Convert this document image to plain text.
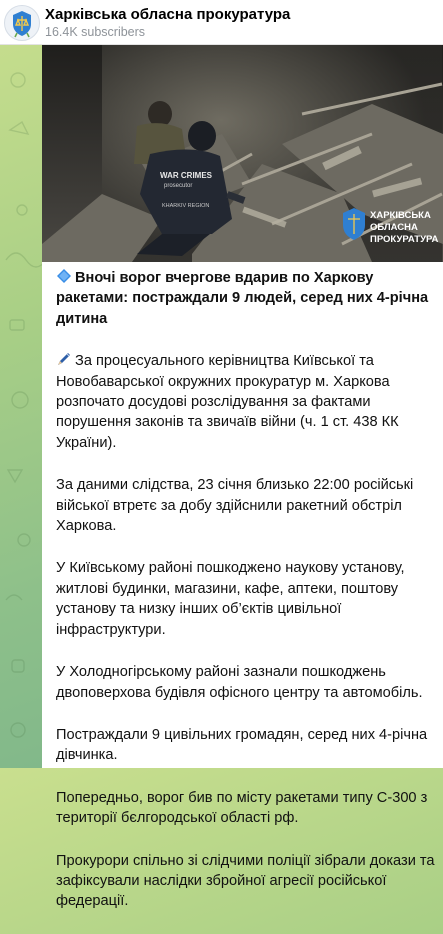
Харківська обласна прокуратура
16.4K subscribers
WAR CRIMES
prosecutor
KHARKIV REGION
ХАРКІВСЬКА
ОБЛАСНА
ПРОКУРАТУРА

Вночі ворог вчергове вдарив по Харкову ракетами: постраждали 9 людей, серед них 4-річна дитина

За процесуального керівництва Київської та Новобаварської окружних прокуратур м. Харкова розпочато досудові розслідування за фактами порушення законів та звичаїв війни (ч. 1 ст. 438 КК України).

За даними слідства, 23 січня близько 22:00 російські війської втретє за добу здійснили ракетний обстріл Харкова.

У Київському районі пошкоджено наукову установу, житлові будинки, магазини, кафе, аптеки, поштову установу та низку інших об’єктів цивільної інфраструктури.

У Холодногірському районі зазнали пошкоджень двоповерхова будівля офісного центру та автомобіль.

Постраждали 9 цивільних громадян, серед них 4-річна дівчинка.

Попередньо, ворог бив по місту ракетами типу С-300 з території бєлгородської області рф.

Прокурори спільно зі слідчими поліції зібрали докази та зафіксували наслідки збройної агресії російської федерації.
